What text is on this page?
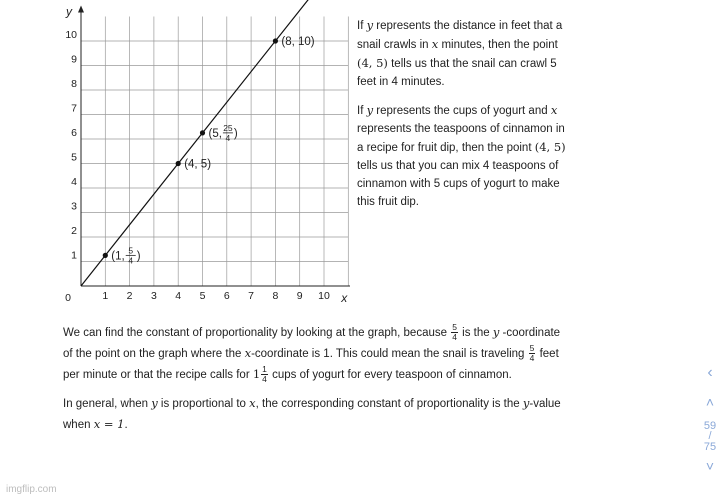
1 2 3 4 5 6 7 8 9 10
1
2
3
4
5
6
7
8
9
10
0
y
x
(1, 5
4 )
(4, 5)
(5, 25
4 )
(8, 10)

If y represents the distance in feet that a snail crawls in x minutes, then the point (4, 5) tells us that the snail can crawl 5 feet in 4 minutes.

If y represents the cups of yogurt and x represents the teaspoons of cinnamon in a recipe for fruit dip, then the point (4, 5) tells us that you can mix 4 teaspoons of cinnamon with 5 cups of yogurt to make this fruit dip.

We can find the constant of proportionality by looking at the graph, because $\frac{5}{4}$ is the y -coordinate of the point on the graph where the x-coordinate is 1. This could mean the snail is traveling $\frac{5}{4}$ feet per minute or that the recipe calls for $1 \frac{1}{4}$ cups of yogurt for every teaspoon of cinnamon.

In general, when y is proportional to x, the corresponding constant of proportionality is the y-value when x = 1.

‹
˄
59
/
75
˅
imgflip.com
